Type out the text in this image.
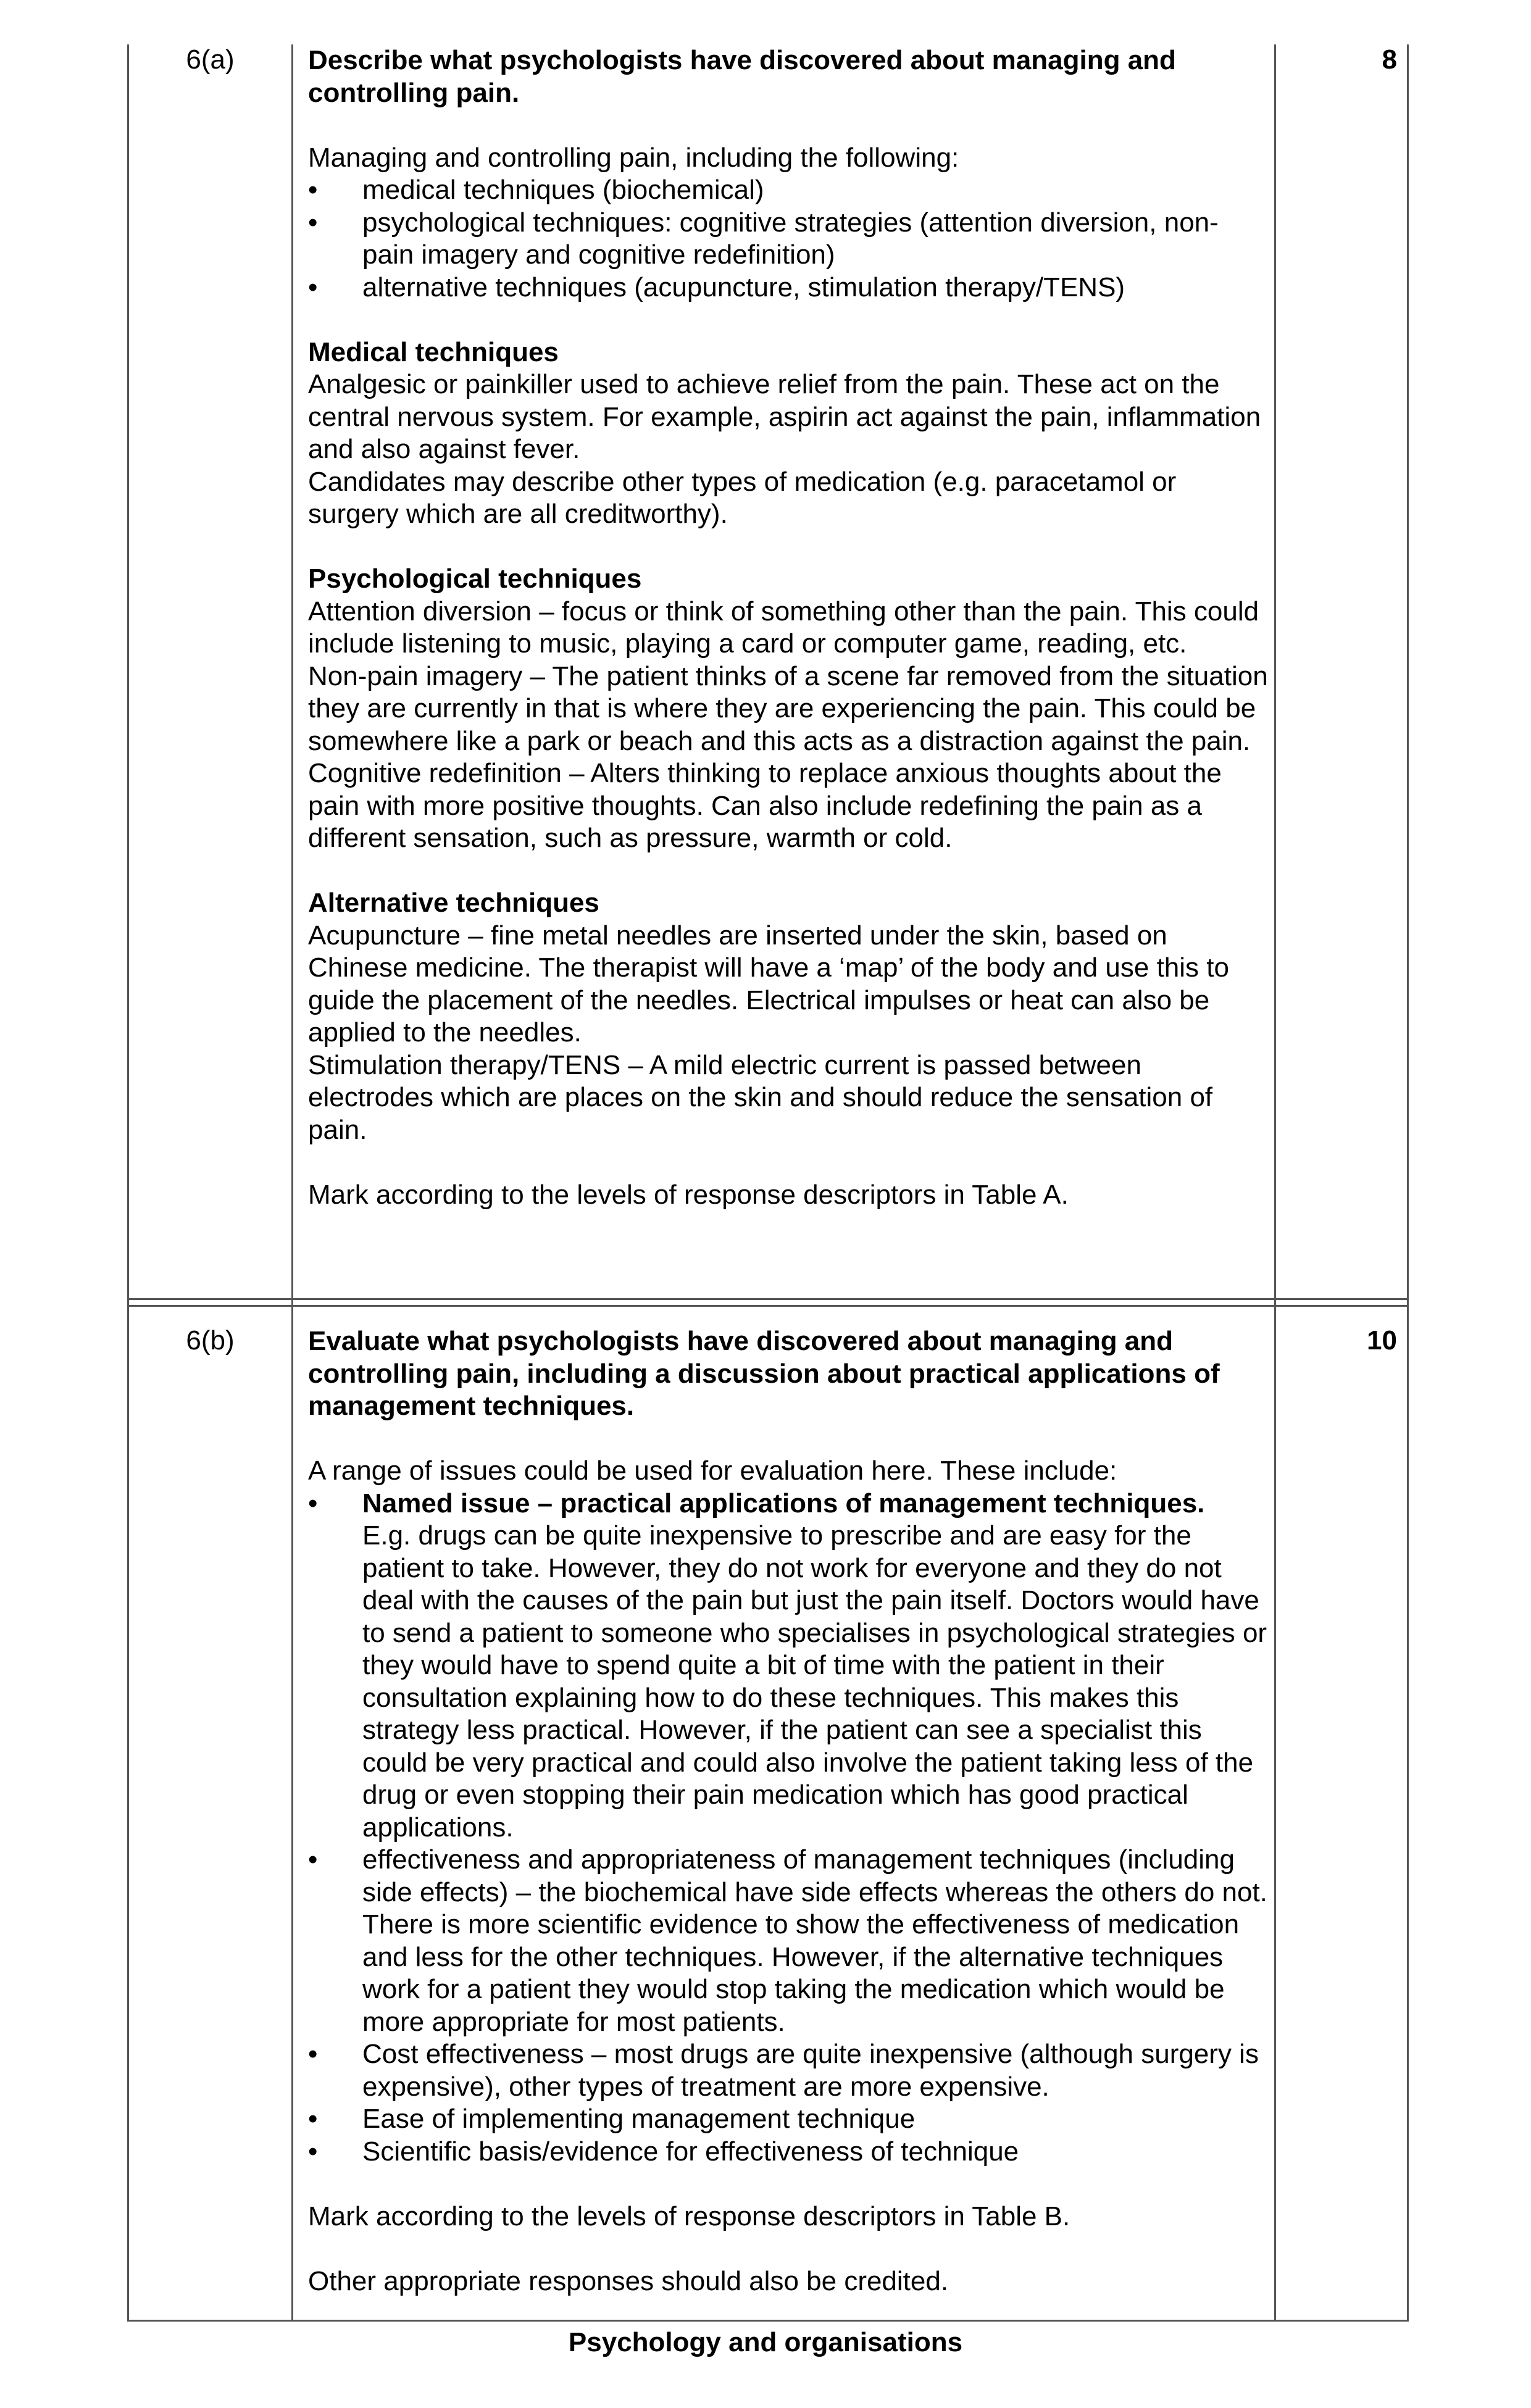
6(a)	8

Describe what psychologists have discovered about managing and controlling pain.

Managing and controlling pain, including the following:

• medical techniques (biochemical)
• psychological techniques: cognitive strategies (attention diversion, non-pain imagery and cognitive redefinition)
• alternative techniques (acupuncture, stimulation therapy/TENS)

Medical techniques

Analgesic or painkiller used to achieve relief from the pain. These act on the central nervous system. For example, aspirin act against the pain, inflammation and also against fever.

Candidates may describe other types of medication (e.g. paracetamol or surgery which are all creditworthy).

Psychological techniques

Attention diversion – focus or think of something other than the pain. This could include listening to music, playing a card or computer game, reading, etc.

Non-pain imagery – The patient thinks of a scene far removed from the situation they are currently in that is where they are experiencing the pain. This could be somewhere like a park or beach and this acts as a distraction against the pain.

Cognitive redefinition – Alters thinking to replace anxious thoughts about the pain with more positive thoughts. Can also include redefining the pain as a different sensation, such as pressure, warmth or cold.

Alternative techniques

Acupuncture – fine metal needles are inserted under the skin, based on Chinese medicine. The therapist will have a ‘map’ of the body and use this to guide the placement of the needles. Electrical impulses or heat can also be applied to the needles.

Stimulation therapy/TENS – A mild electric current is passed between electrodes which are places on the skin and should reduce the sensation of pain.

Mark according to the levels of response descriptors in Table A.

6(b)	10

Evaluate what psychologists have discovered about managing and controlling pain, including a discussion about practical applications of management techniques.

A range of issues could be used for evaluation here. These include:

• Named issue – practical applications of management techniques.
E.g. drugs can be quite inexpensive to prescribe and are easy for the patient to take. However, they do not work for everyone and they do not deal with the causes of the pain but just the pain itself. Doctors would have to send a patient to someone who specialises in psychological strategies or they would have to spend quite a bit of time with the patient in their consultation explaining how to do these techniques. This makes this strategy less practical. However, if the patient can see a specialist this could be very practical and could also involve the patient taking less of the drug or even stopping their pain medication which has good practical applications.
• effectiveness and appropriateness of management techniques (including side effects) – the biochemical have side effects whereas the others do not. There is more scientific evidence to show the effectiveness of medication and less for the other techniques. However, if the alternative techniques work for a patient they would stop taking the medication which would be more appropriate for most patients.
• Cost effectiveness – most drugs are quite inexpensive (although surgery is expensive), other types of treatment are more expensive.
• Ease of implementing management technique
• Scientific basis/evidence for effectiveness of technique

Mark according to the levels of response descriptors in Table B.

Other appropriate responses should also be credited.

Psychology and organisations
